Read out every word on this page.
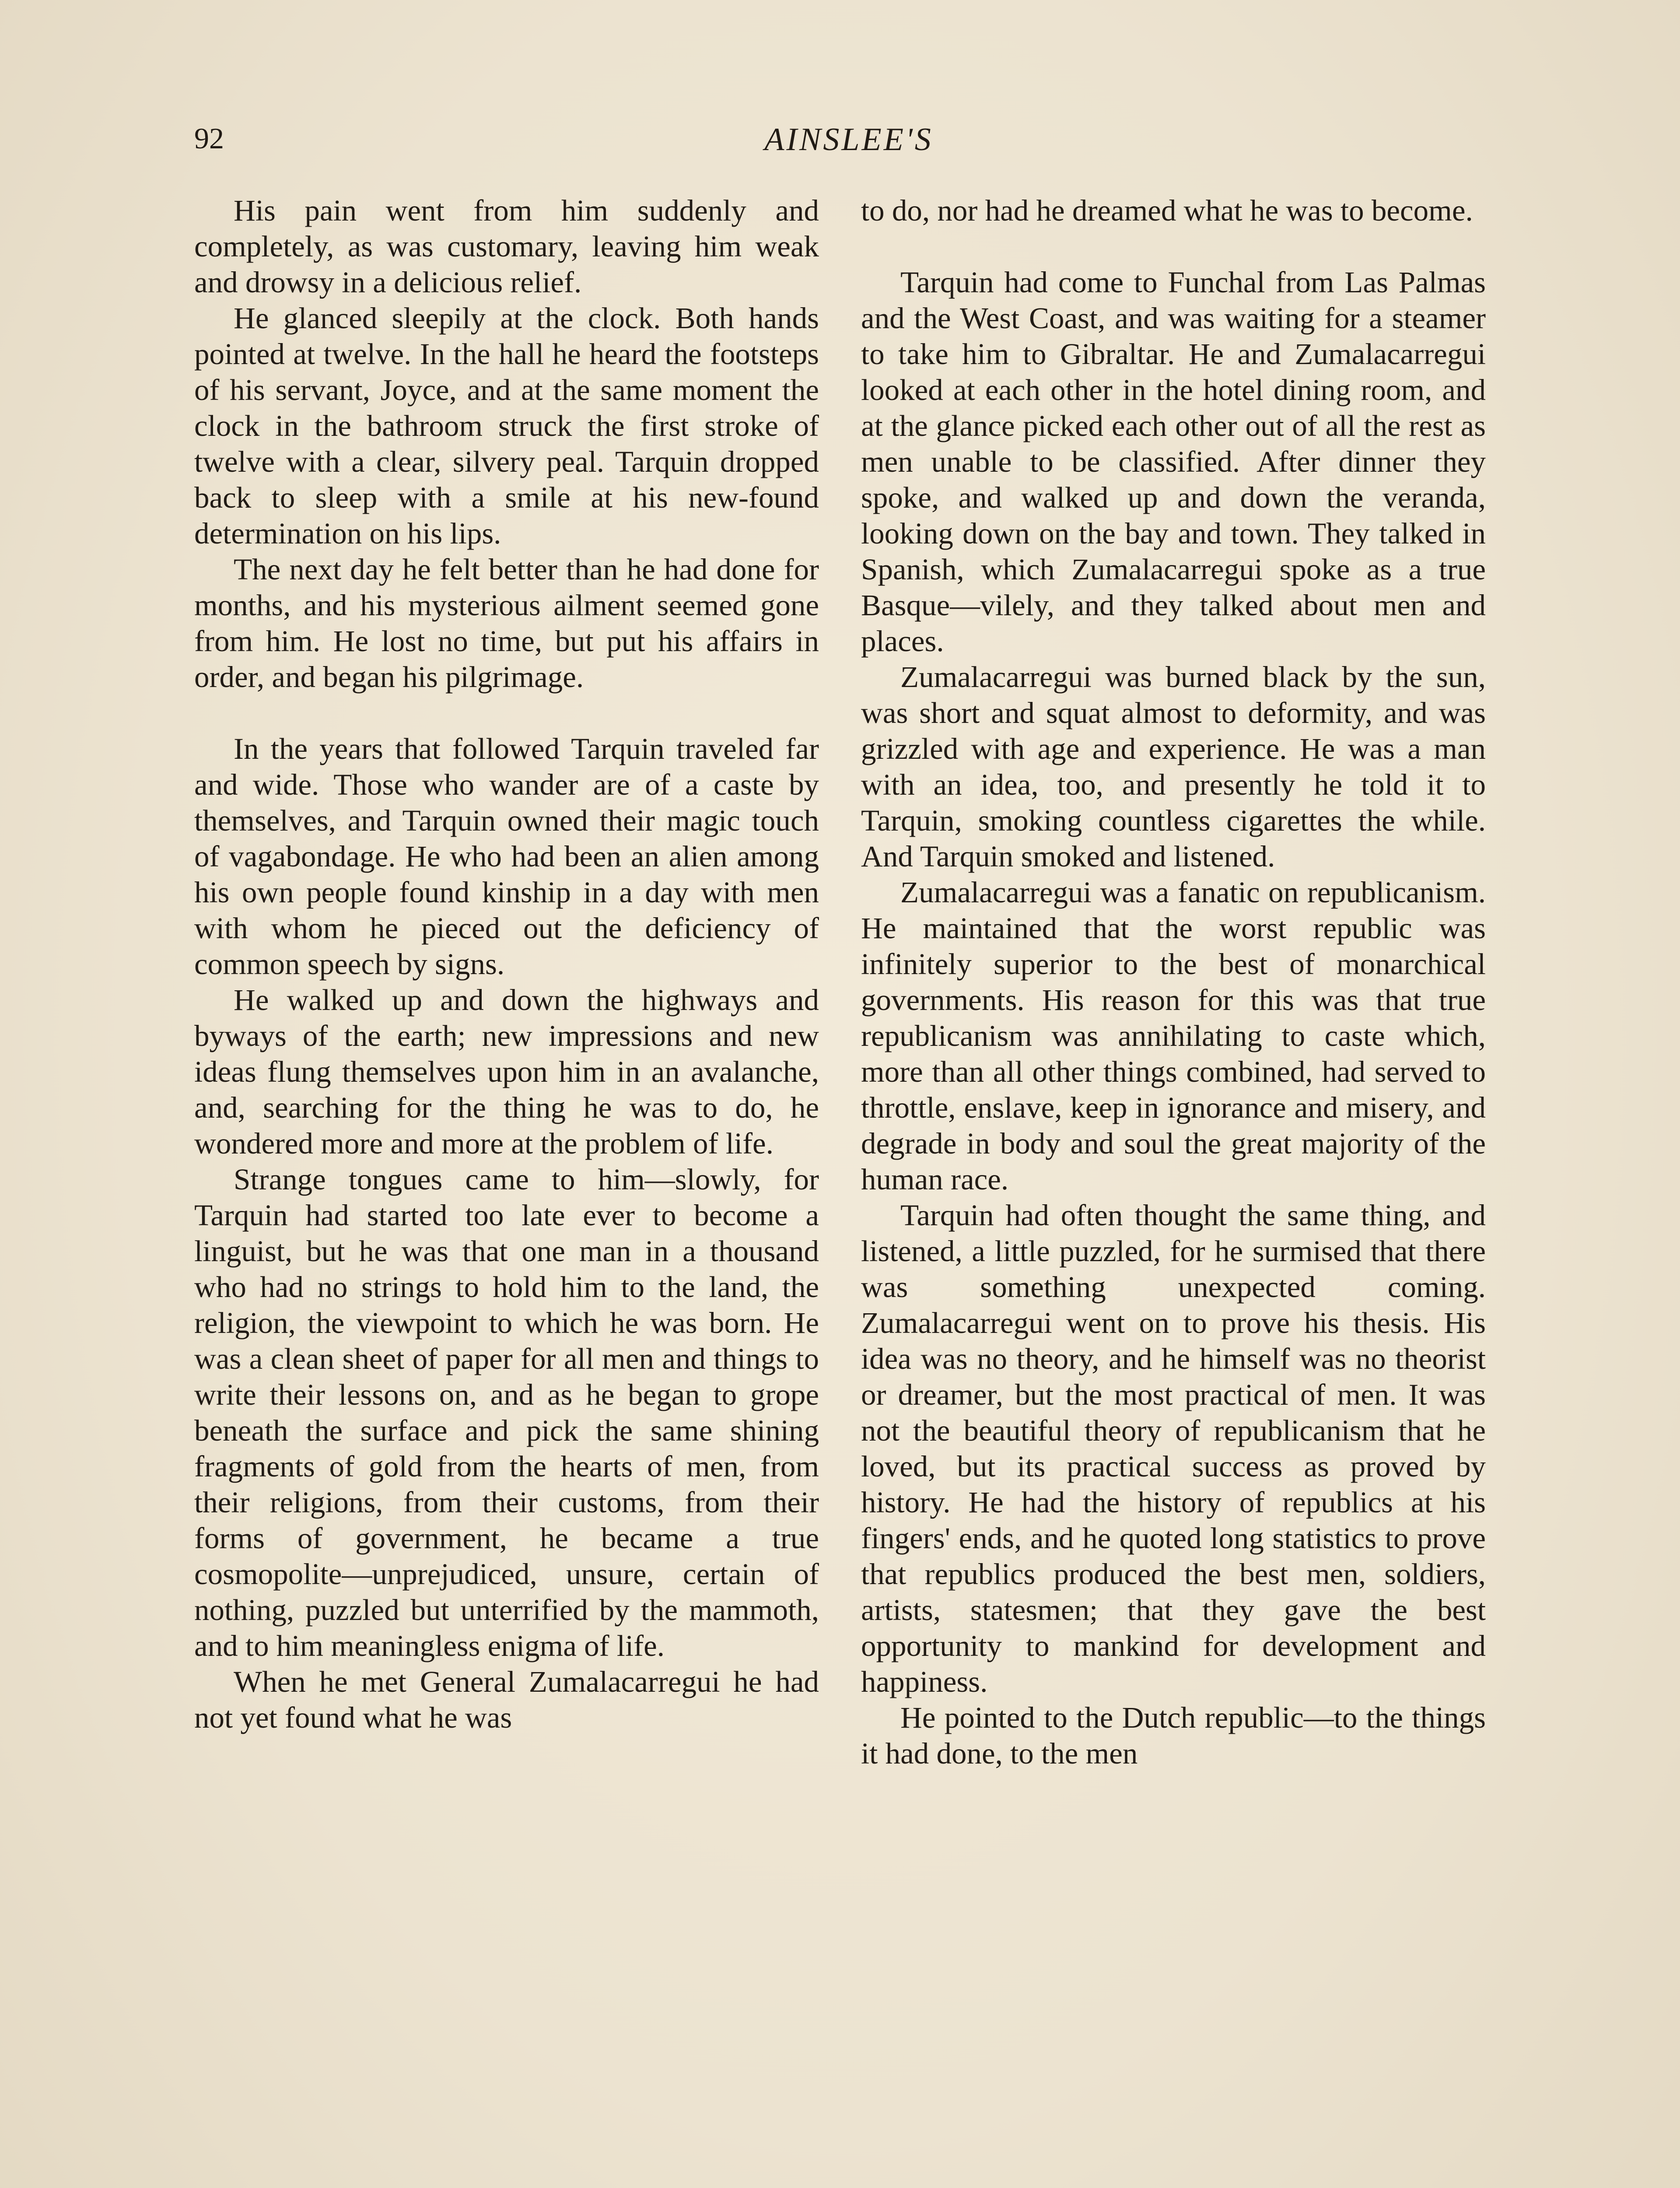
92	AINSLEE'S

His pain went from him suddenly and completely, as was customary, leaving him weak and drowsy in a delicious relief.

He glanced sleepily at the clock. Both hands pointed at twelve. In the hall he heard the footsteps of his servant, Joyce, and at the same moment the clock in the bathroom struck the first stroke of twelve with a clear, silvery peal. Tarquin dropped back to sleep with a smile at his new-found determination on his lips.

The next day he felt better than he had done for months, and his mysterious ailment seemed gone from him. He lost no time, but put his affairs in order, and began his pilgrimage.

In the years that followed Tarquin traveled far and wide. Those who wander are of a caste by themselves, and Tarquin owned their magic touch of vagabondage. He who had been an alien among his own people found kinship in a day with men with whom he pieced out the deficiency of common speech by signs.

He walked up and down the highways and byways of the earth; new impressions and new ideas flung themselves upon him in an avalanche, and, searching for the thing he was to do, he wondered more and more at the problem of life.

Strange tongues came to him—slowly, for Tarquin had started too late ever to become a linguist, but he was that one man in a thousand who had no strings to hold him to the land, the religion, the viewpoint to which he was born. He was a clean sheet of paper for all men and things to write their lessons on, and as he began to grope beneath the surface and pick the same shining fragments of gold from the hearts of men, from their religions, from their customs, from their forms of government, he became a true cosmopolite—unprejudiced, unsure, certain of nothing, puzzled but unterrified by the mammoth, and to him meaningless enigma of life.

When he met General Zumalacarregui he had not yet found what he was

to do, nor had he dreamed what he was to become.

Tarquin had come to Funchal from Las Palmas and the West Coast, and was waiting for a steamer to take him to Gibraltar. He and Zumalacarregui looked at each other in the hotel dining room, and at the glance picked each other out of all the rest as men unable to be classified. After dinner they spoke, and walked up and down the veranda, looking down on the bay and town. They talked in Spanish, which Zumalacarregui spoke as a true Basque—vilely, and they talked about men and places.

Zumalacarregui was burned black by the sun, was short and squat almost to deformity, and was grizzled with age and experience. He was a man with an idea, too, and presently he told it to Tarquin, smoking countless cigarettes the while. And Tarquin smoked and listened.

Zumalacarregui was a fanatic on republicanism. He maintained that the worst republic was infinitely superior to the best of monarchical governments. His reason for this was that true republicanism was annihilating to caste which, more than all other things combined, had served to throttle, enslave, keep in ignorance and misery, and degrade in body and soul the great majority of the human race.

Tarquin had often thought the same thing, and listened, a little puzzled, for he surmised that there was something unexpected coming. Zumalacarregui went on to prove his thesis. His idea was no theory, and he himself was no theorist or dreamer, but the most practical of men. It was not the beautiful theory of republicanism that he loved, but its practical success as proved by history. He had the history of republics at his fingers' ends, and he quoted long statistics to prove that republics produced the best men, soldiers, artists, statesmen; that they gave the best opportunity to mankind for development and happiness.

He pointed to the Dutch republic—to the things it had done, to the men
